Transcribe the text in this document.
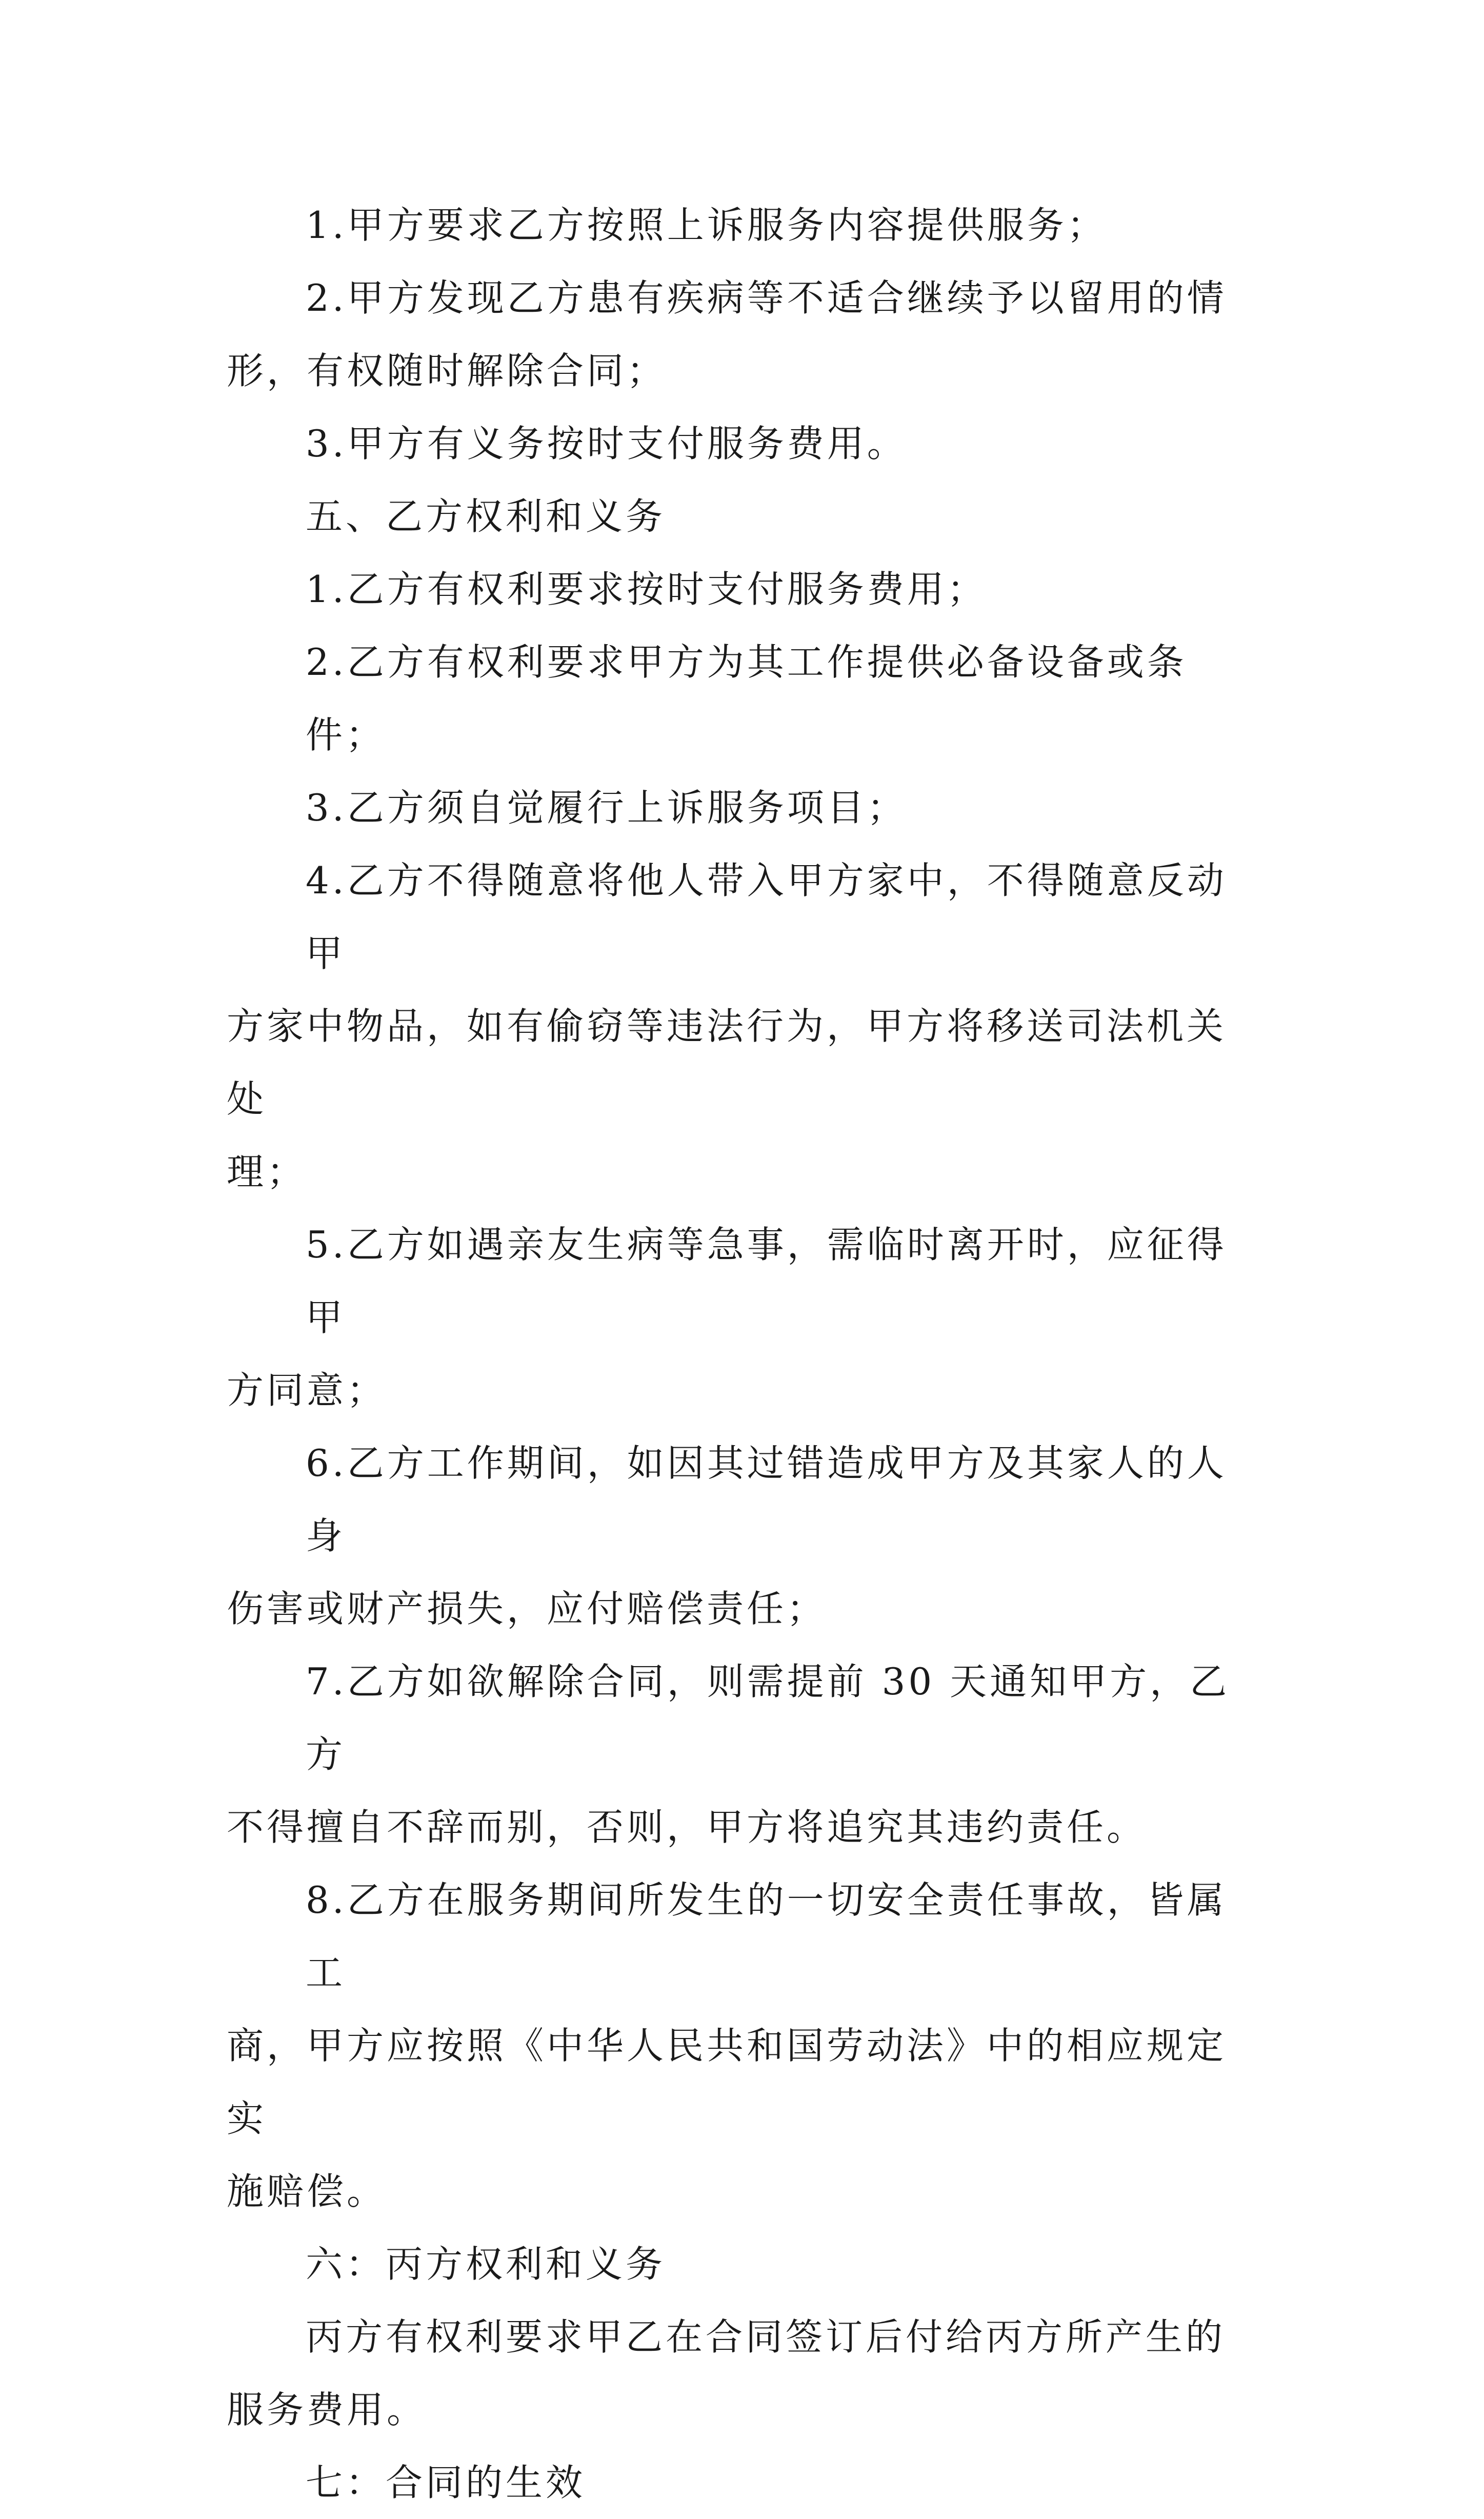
1.甲方要求乙方按照上诉服务内容提供服务；
2.甲方发现乙方患有疾病等不适合继续予以留用的情
形，有权随时解除合同；
3.甲方有义务按时支付服务费用。
五、乙方权利和义务
1.乙方有权利要求按时支付服务费用；
2.乙方有权利要求甲方为其工作提供必备设备或条件；
3.乙方须自觉履行上诉服务项目；
4.乙方不得随意将他人带入甲方家中，不得随意反动甲
方家中物品，如有偷窃等违法行为，甲方将移送司法机关处
理；
5.乙方如遇亲友生病等急事，需临时离开时，应征得甲
方同意；
6.乙方工作期间，如因其过错造成甲方及其家人的人身
伤害或财产损失，应付赔偿责任；
7.乙方如欲解除合同，则需提前 30 天通知甲方，乙方
不得擅自不辞而别，否则，甲方将追究其违约责任。
8.乙方在服务期间所发生的一切安全责任事故，皆属工
商，甲方应按照《中华人民共和国劳动法》中的相应规定实
施赔偿。
六：丙方权利和义务
丙方有权利要求甲乙在合同签订后付给丙方所产生的
服务费用。
七：合同的生效
